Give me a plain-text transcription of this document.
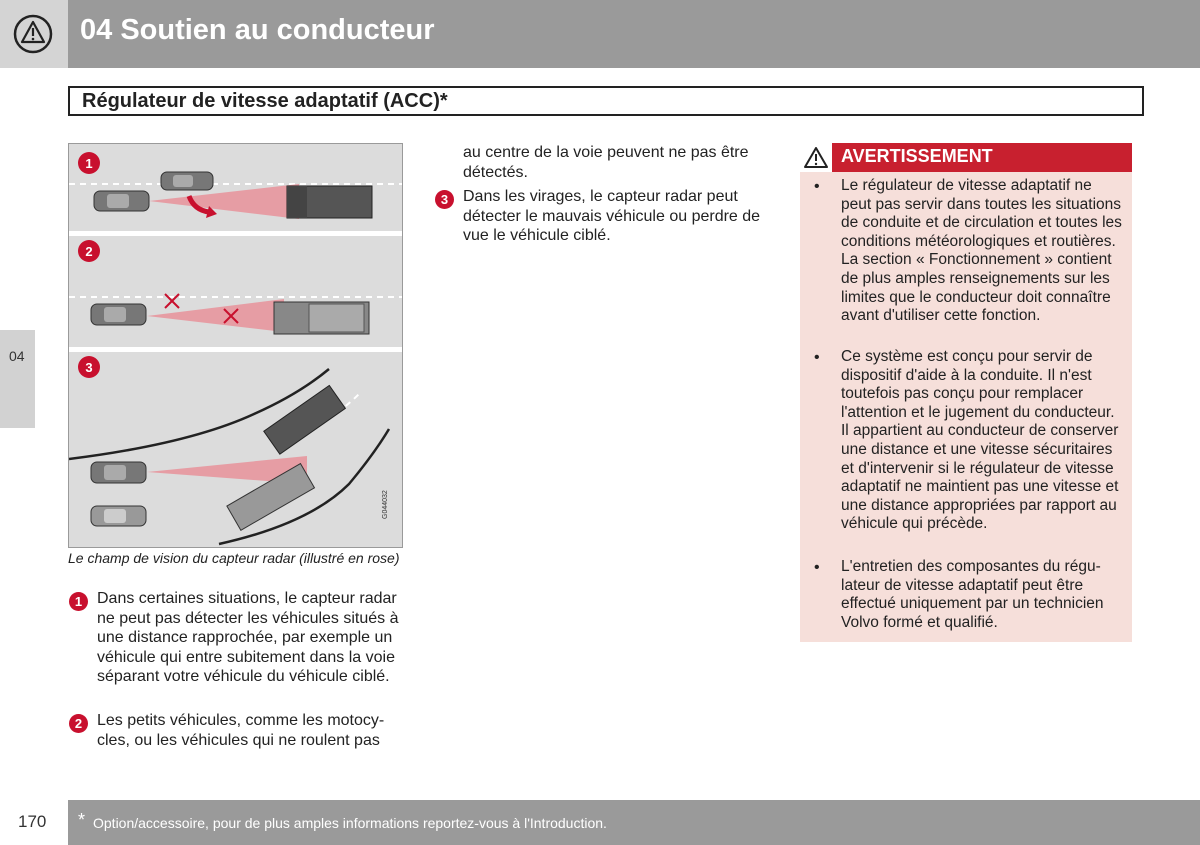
04 Soutien au conducteur
Régulateur de vitesse adaptatif (ACC)*
04
1
2
3
G044032
Le champ de vision du capteur radar (illustré en rose)
1 Dans certaines situations, le capteur radar ne peut pas détecter les véhicules situés à une distance rapprochée, par exemple un véhicule qui entre subitement dans la voie séparant votre véhicule du véhicule ciblé.
2 Les petits véhicules, comme les motocycles, ou les véhicules qui ne roulent pas
au centre de la voie peuvent ne pas être détectés.
3 Dans les virages, le capteur radar peut détecter le mauvais véhicule ou perdre de vue le véhicule ciblé.
AVERTISSEMENT
• Le régulateur de vitesse adaptatif ne peut pas servir dans toutes les situations de conduite et de circulation et toutes les conditions météorologiques et routières. La section « Fonctionnement » contient de plus amples renseignements sur les limites que le conducteur doit connaître avant d'utiliser cette fonction.
• Ce système est conçu pour servir de dispositif d'aide à la conduite. Il n'est toutefois pas conçu pour remplacer l'attention et le jugement du conducteur. Il appartient au conducteur de conserver une distance et une vitesse sécuritaires et d'intervenir si le régulateur de vitesse adaptatif ne maintient pas une vitesse et une distance appropriées par rapport au véhicule qui précède.
• L'entretien des composantes du régulateur de vitesse adaptatif peut être effectué uniquement par un technicien Volvo formé et qualifié.
170 * Option/accessoire, pour de plus amples informations reportez-vous à l'Introduction.
